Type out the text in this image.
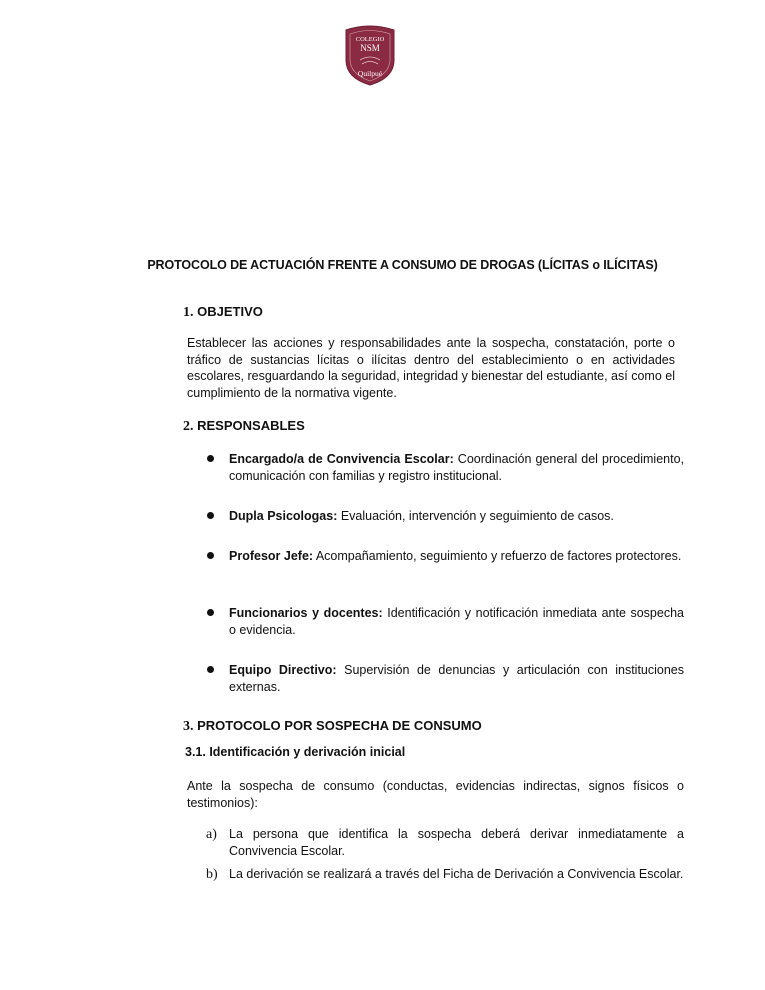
COLEGIO
NSM
Quilpué
PROTOCOLO DE ACTUACIÓN FRENTE A CONSUMO DE DROGAS (LÍCITAS o ILÍCITAS)
1. OBJETIVO
Establecer las acciones y responsabilidades ante la sospecha, constatación, porte o tráfico de sustancias lícitas o ilícitas dentro del establecimiento o en actividades escolares, resguardando la seguridad, integridad y bienestar del estudiante, así como el cumplimiento de la normativa vigente.
2. RESPONSABLES
Encargado/a de Convivencia Escolar: Coordinación general del procedimiento, comunicación con familias y registro institucional.
Dupla Psicologas: Evaluación, intervención y seguimiento de casos.
Profesor Jefe: Acompañamiento, seguimiento y refuerzo de factores protectores.
Funcionarios y docentes: Identificación y notificación inmediata ante sospecha o evidencia.
Equipo Directivo: Supervisión de denuncias y articulación con instituciones externas.
3. PROTOCOLO POR SOSPECHA DE CONSUMO
3.1. Identificación y derivación inicial
Ante la sospecha de consumo (conductas, evidencias indirectas, signos físicos o testimonios):
a) La persona que identifica la sospecha deberá derivar inmediatamente a Convivencia Escolar.
b) La derivación se realizará a través del Ficha de Derivación a Convivencia Escolar.
